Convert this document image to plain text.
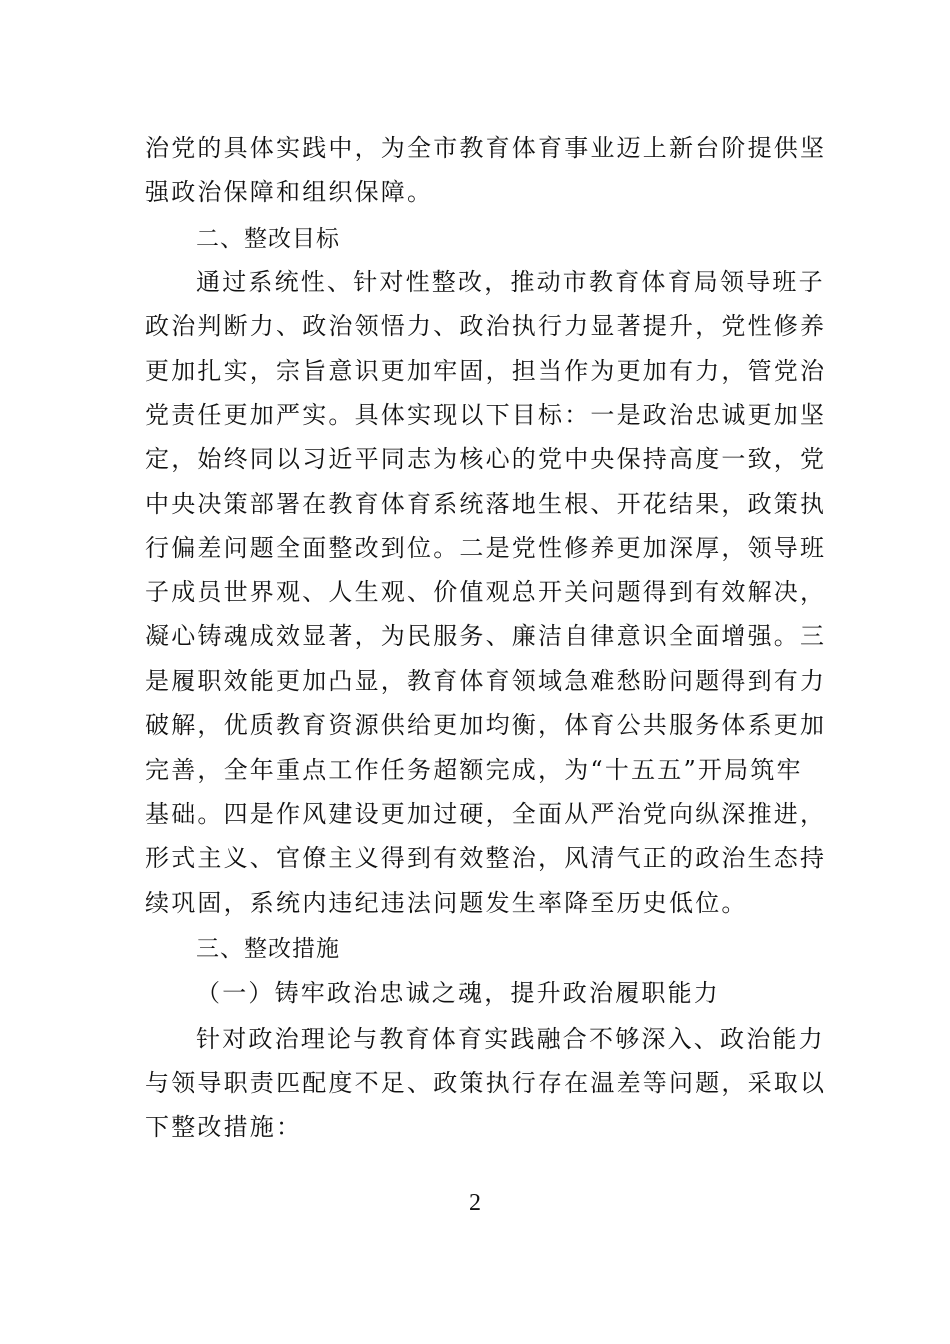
治党的具体实践中，为全市教育体育事业迈上新台阶提供坚
强政治保障和组织保障。
二、整改目标
通过系统性、针对性整改，推动市教育体育局领导班子
政治判断力、政治领悟力、政治执行力显著提升，党性修养
更加扎实，宗旨意识更加牢固，担当作为更加有力，管党治
党责任更加严实。具体实现以下目标：一是政治忠诚更加坚
定，始终同以习近平同志为核心的党中央保持高度一致，党
中央决策部署在教育体育系统落地生根、开花结果，政策执
行偏差问题全面整改到位。二是党性修养更加深厚，领导班
子成员世界观、人生观、价值观总开关问题得到有效解决，
凝心铸魂成效显著，为民服务、廉洁自律意识全面增强。三
是履职效能更加凸显，教育体育领域急难愁盼问题得到有力
破解，优质教育资源供给更加均衡，体育公共服务体系更加
完善，全年重点工作任务超额完成，为“十五五”开局筑牢
基础。四是作风建设更加过硬，全面从严治党向纵深推进，
形式主义、官僚主义得到有效整治，风清气正的政治生态持
续巩固，系统内违纪违法问题发生率降至历史低位。
三、整改措施
（一）铸牢政治忠诚之魂，提升政治履职能力
针对政治理论与教育体育实践融合不够深入、政治能力
与领导职责匹配度不足、政策执行存在温差等问题，采取以
下整改措施：
2
